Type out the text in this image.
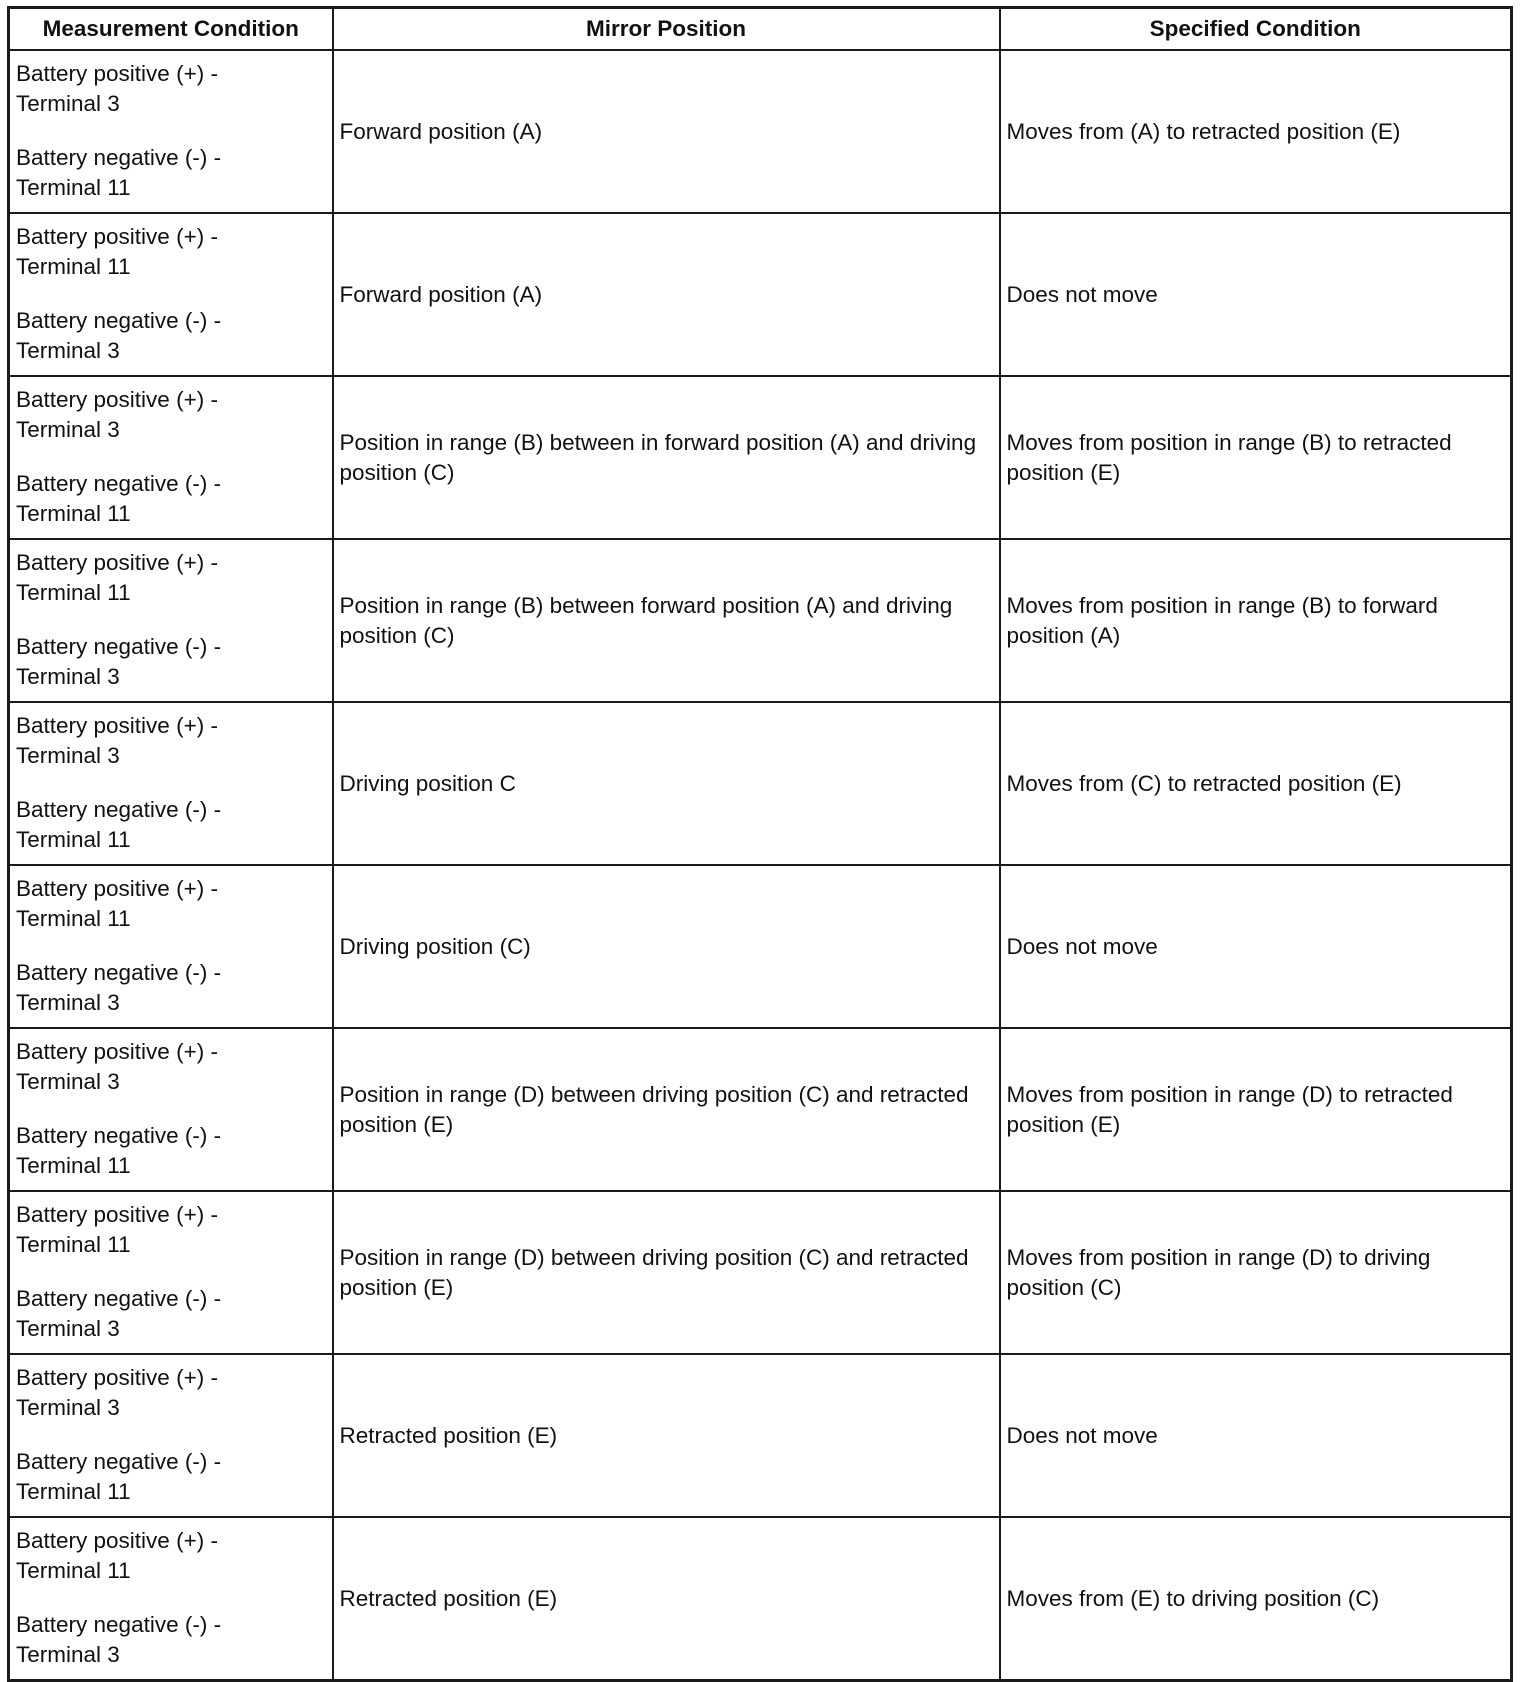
Measurement Condition	Mirror Position	Specified Condition

Battery positive (+) -
Terminal 3
Battery negative (-) -
Terminal 11	Forward position (A)	Moves from (A) to retracted position (E)

Battery positive (+) -
Terminal 11
Battery negative (-) -
Terminal 3	Forward position (A)	Does not move

Battery positive (+) -
Terminal 3
Battery negative (-) -
Terminal 11	Position in range (B) between in forward position (A) and driving position (C)	Moves from position in range (B) to retracted position (E)

Battery positive (+) -
Terminal 11
Battery negative (-) -
Terminal 3	Position in range (B) between forward position (A) and driving position (C)	Moves from position in range (B) to forward position (A)

Battery positive (+) -
Terminal 3
Battery negative (-) -
Terminal 11	Driving position C	Moves from (C) to retracted position (E)

Battery positive (+) -
Terminal 11
Battery negative (-) -
Terminal 3	Driving position (C)	Does not move

Battery positive (+) -
Terminal 3
Battery negative (-) -
Terminal 11	Position in range (D) between driving position (C) and retracted position (E)	Moves from position in range (D) to retracted position (E)

Battery positive (+) -
Terminal 11
Battery negative (-) -
Terminal 3	Position in range (D) between driving position (C) and retracted position (E)	Moves from position in range (D) to driving position (C)

Battery positive (+) -
Terminal 3
Battery negative (-) -
Terminal 11	Retracted position (E)	Does not move

Battery positive (+) -
Terminal 11
Battery negative (-) -
Terminal 3	Retracted position (E)	Moves from (E) to driving position (C)
